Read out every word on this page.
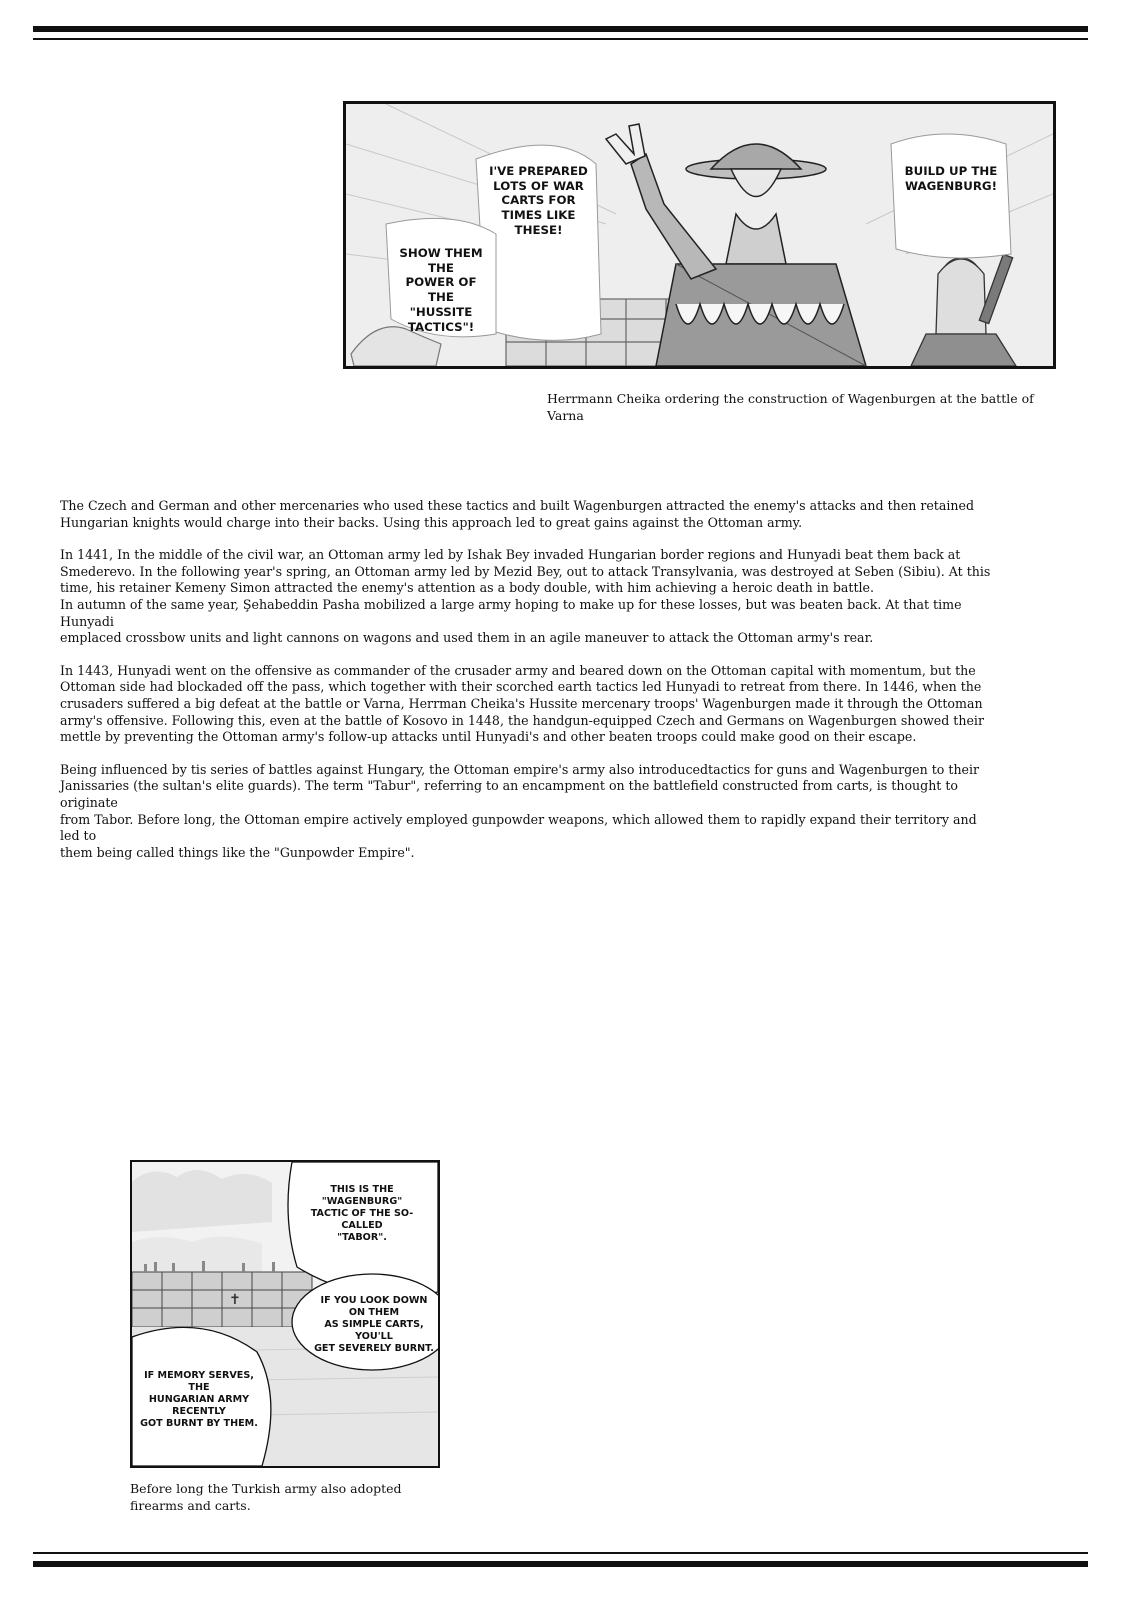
I'VE PREPARED
LOTS OF WAR
CARTS FOR
TIMES LIKE
THESE!
SHOW THEM THE
POWER OF THE
"HUSSITE
TACTICS"!
BUILD UP THE
WAGENBURG!
Herrmann Cheika ordering the construction of Wagenburgen at the battle of Varna

The Czech and German and other mercenaries who used these tactics and built Wagenburgen attracted the enemy's attacks and then retained
Hungarian knights would charge into their backs. Using this approach led to great gains against the Ottoman army.

In 1441, In the middle of the civil war, an Ottoman army led by Ishak Bey invaded Hungarian border regions and Hunyadi beat them back at
Smederevo. In the following year's spring, an Ottoman army led by Mezid Bey, out to attack Transylvania, was destroyed at Seben (Sibiu). At this
time, his retainer Kemeny Simon attracted the enemy's attention as a body double, with him achieving a heroic death in battle.
In autumn of the same year, Şehabeddin Pasha mobilized a large army hoping to make up for these losses, but was beaten back. At that time Hunyadi
emplaced crossbow units and light cannons on wagons and used them in an agile maneuver to attack the Ottoman army's rear.

In 1443, Hunyadi went on the offensive as commander of the crusader army and beared down on the Ottoman capital with momentum, but the
Ottoman side had blockaded off the pass, which together with their scorched earth tactics led Hunyadi to retreat from there. In 1446, when the
crusaders suffered a big defeat at the battle or Varna, Herrman Cheika's Hussite mercenary troops' Wagenburgen made it through the Ottoman
army's offensive. Following this, even at the battle of Kosovo in 1448, the handgun-equipped Czech and Germans on Wagenburgen showed their
mettle by preventing the Ottoman army's follow-up attacks until Hunyadi's and other beaten troops could make good on their escape.

Being influenced by tis series of battles against Hungary, the Ottoman empire's army also introducedtactics for guns and Wagenburgen to their
Janissaries (the sultan's elite guards). The term "Tabur", referring to an encampment on the battlefield constructed from carts, is thought to originate
from Tabor. Before long, the Ottoman empire actively employed gunpowder weapons, which allowed them to rapidly expand their territory and led to
them being called things like the "Gunpowder Empire".

✝
THIS IS THE "WAGENBURG"
TACTIC OF THE SO-CALLED
"TABOR".
IF YOU LOOK DOWN
ON THEM
AS SIMPLE CARTS, YOU'LL
GET SEVERELY BURNT.
IF MEMORY SERVES, THE
HUNGARIAN ARMY RECENTLY
GOT BURNT BY THEM.
Before long the Turkish army also adopted
firearms and carts.
